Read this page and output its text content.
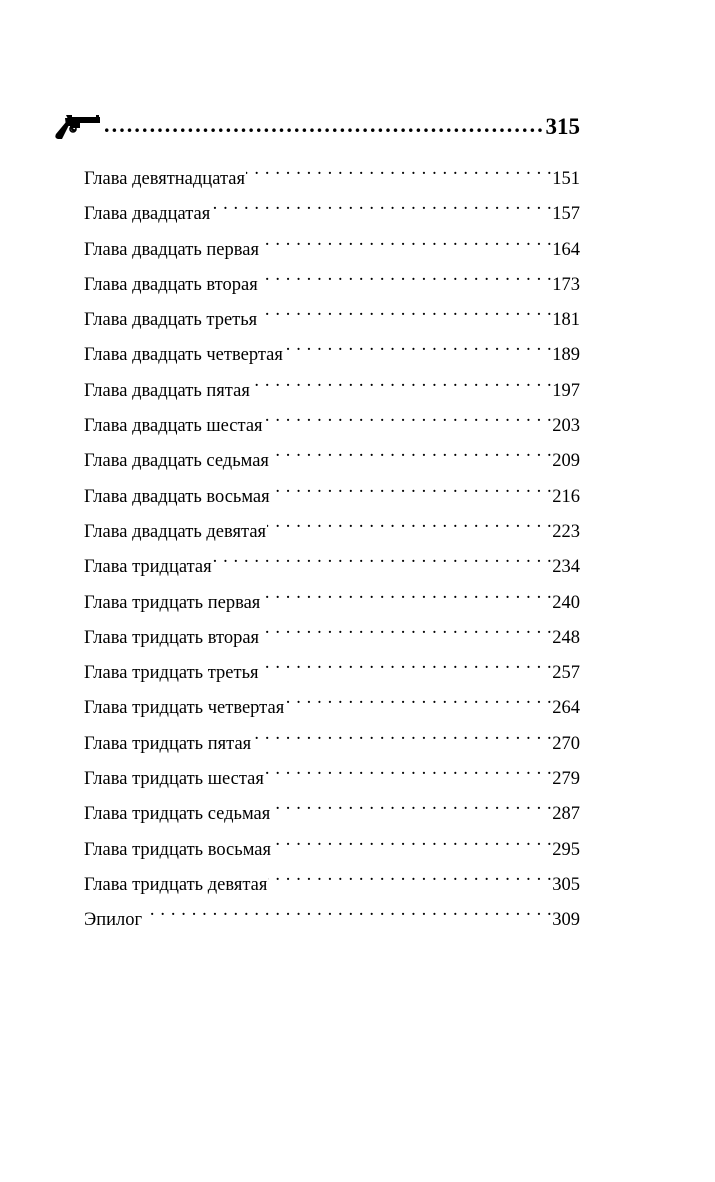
.....
315
Глава девятнадцатая . . .	151
Глава двадцатая . . .	157
Глава двадцать первая . . .	164
Глава двадцать вторая . . .	173
Глава двадцать третья . . .	181
Глава двадцать четвертая . . .	189
Глава двадцать пятая . . .	197
Глава двадцать шестая . . .	203
Глава двадцать седьмая . . .	209
Глава двадцать восьмая . . .	216
Глава двадцать девятая . . .	223
Глава тридцатая . . .	234
Глава тридцать первая . . .	240
Глава тридцать вторая . . .	248
Глава тридцать третья . . .	257
Глава тридцать четвертая . . .	264
Глава тридцать пятая . . .	270
Глава тридцать шестая . . .	279
Глава тридцать седьмая . . .	287
Глава тридцать восьмая . . .	295
Глава тридцать девятая . . .	305
Эпилог . . .	309
